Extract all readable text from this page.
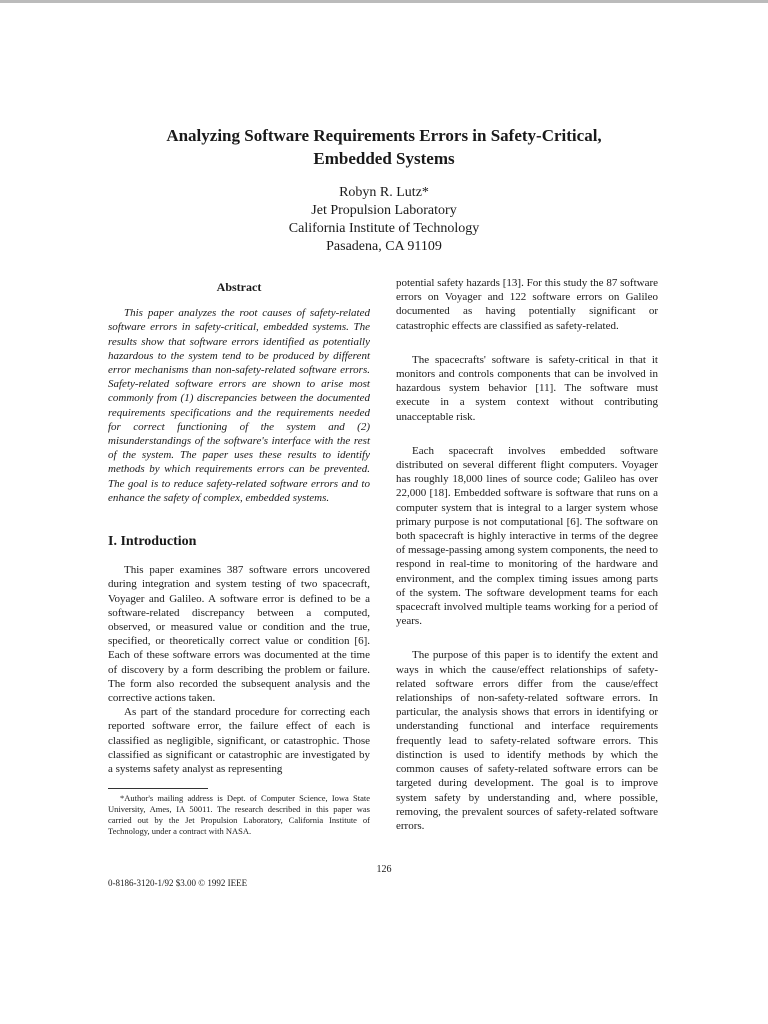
Analyzing Software Requirements Errors in Safety-Critical,
Embedded Systems
Robyn R. Lutz*
Jet Propulsion Laboratory
California Institute of Technology
Pasadena, CA 91109
Abstract

This paper analyzes the root causes of safety-related software errors in safety-critical, embedded systems. The results show that software errors identified as potentially hazardous to the system tend to be produced by different error mechanisms than non-safety-related software errors. Safety-related software errors are shown to arise most commonly from (1) discrepancies between the documented requirements specifications and the requirements needed for correct functioning of the system and (2) misunderstandings of the software's interface with the rest of the system. The paper uses these results to identify methods by which requirements errors can be prevented. The goal is to reduce safety-related software errors and to enhance the safety of complex, embedded systems.

I. Introduction

This paper examines 387 software errors uncovered during integration and system testing of two spacecraft, Voyager and Galileo. A software error is defined to be a software-related discrepancy between a computed, observed, or measured value or condition and the true, specified, or theoretically correct value or condition [6]. Each of these software errors was documented at the time of discovery by a form describing the problem or failure. The form also recorded the subsequent analysis and the corrective actions taken.

As part of the standard procedure for correcting each reported software error, the failure effect of each is classified as negligible, significant, or catastrophic. Those classified as significant or catastrophic are investigated by a systems safety analyst as representing

*Author's mailing address is Dept. of Computer Science, Iowa State University, Ames, IA 50011. The research described in this paper was carried out by the Jet Propulsion Laboratory, California Institute of Technology, under a contract with NASA.

potential safety hazards [13]. For this study the 87 software errors on Voyager and 122 software errors on Galileo documented as having potentially significant or catastrophic effects are classified as safety-related.

The spacecrafts' software is safety-critical in that it monitors and controls components that can be involved in hazardous system behavior [11]. The software must execute in a system context without contributing unacceptable risk.

Each spacecraft involves embedded software distributed on several different flight computers. Voyager has roughly 18,000 lines of source code; Galileo has over 22,000 [18]. Embedded software is software that runs on a computer system that is integral to a larger system whose primary purpose is not computational [6]. The software on both spacecraft is highly interactive in terms of the degree of message-passing among system components, the need to respond in real-time to monitoring of the hardware and environment, and the complex timing issues among parts of the system. The software development teams for each spacecraft involved multiple teams working for a period of years.

The purpose of this paper is to identify the extent and ways in which the cause/effect relationships of safety-related software errors differ from the cause/effect relationships of non-safety-related software errors. In particular, the analysis shows that errors in identifying or understanding functional and interface requirements frequently lead to safety-related software errors. This distinction is used to identify methods by which the common causes of safety-related software errors can be targeted during development. The goal is to improve system safety by understanding and, where possible, removing, the prevalent sources of safety-related software errors.

126
0-8186-3120-1/92 $3.00 © 1992 IEEE
